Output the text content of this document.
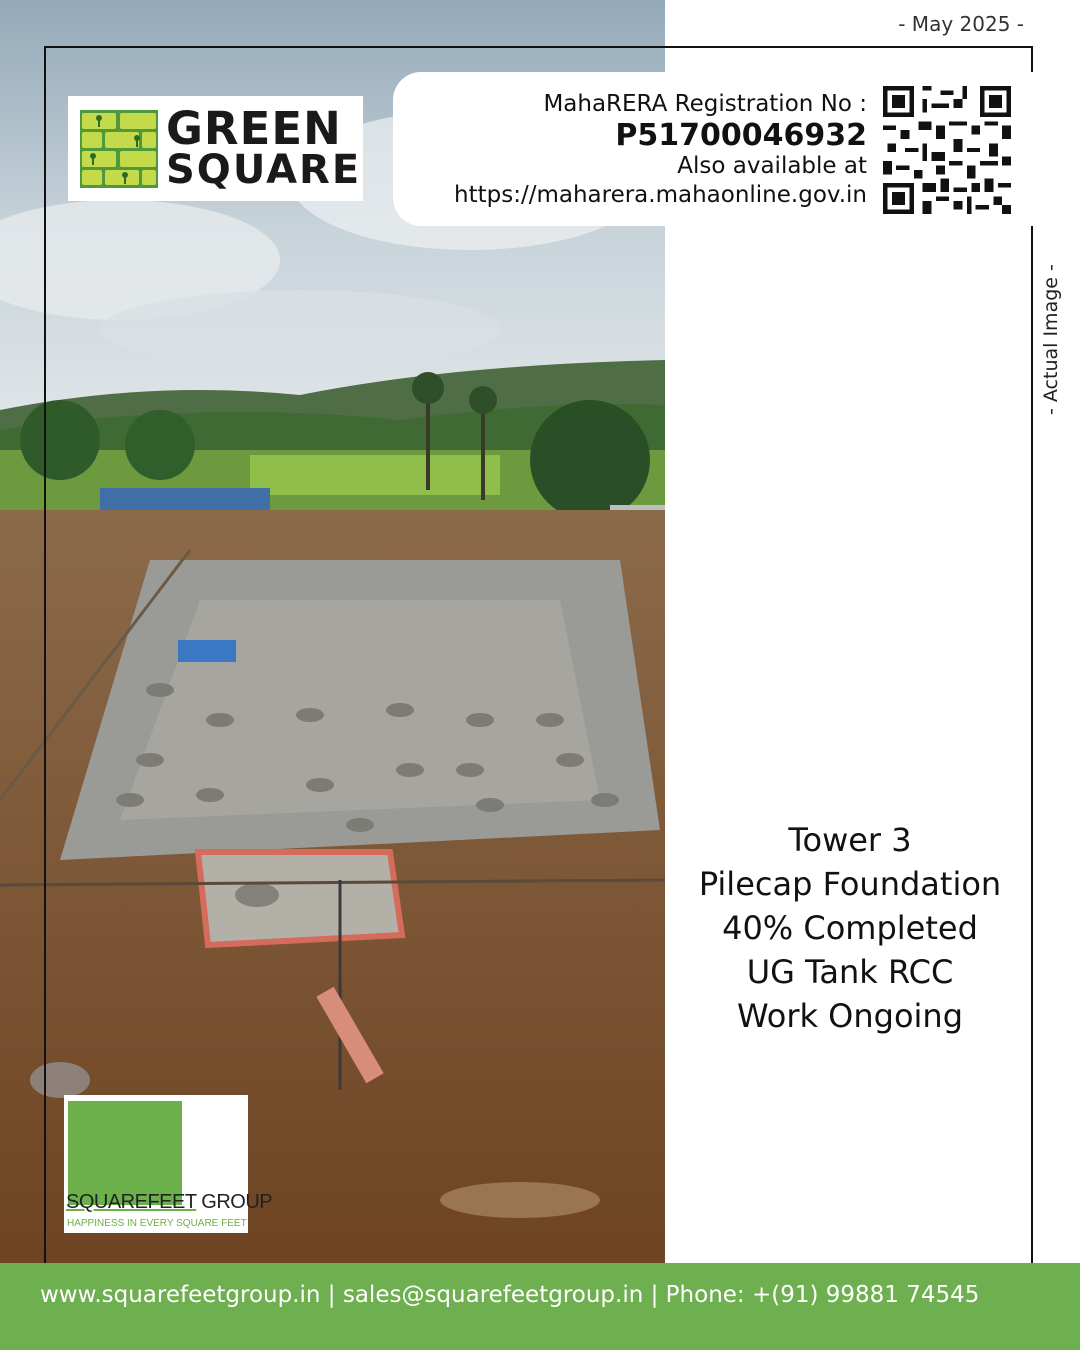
- May 2025 -
- Actual Image -
GREEN
SQUARE
MahaRERA Registration No :
P51700046932
Also available at
https://maharera.mahaonline.gov.in
Tower 3
Pilecap Foundation
40% Completed
UG Tank RCC
Work Ongoing
SQUAREFEET GROUP
HAPPINESS IN EVERY SQUARE FEET
www.squarefeetgroup.in | sales@squarefeetgroup.in | Phone: +(91) 99881 74545
